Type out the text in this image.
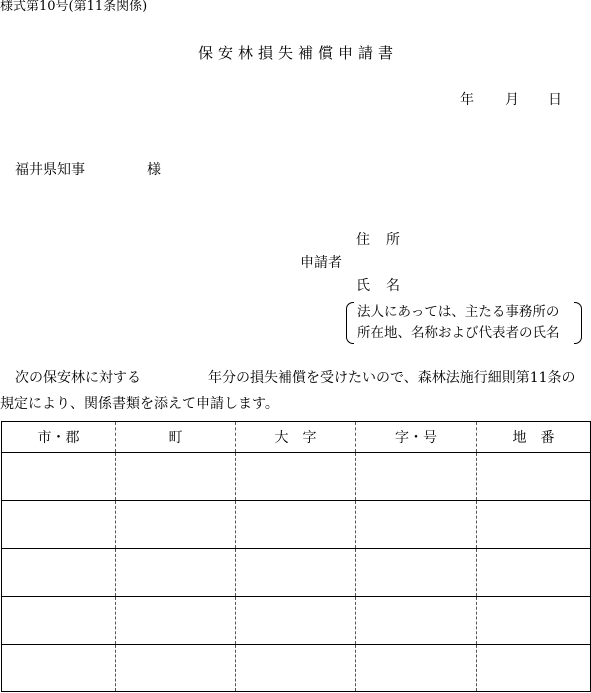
様式第10号(第11条関係)
保安林損失補償申請書
年 月 日
福井県知事	様
住　所
申請者
氏　名
法人にあっては、主たる事務所の
所在地、名称および代表者の氏名
次の保安林に対する	年分の損失補償を受けたいので、森林法施行細則第11条の
規定により、関係書類を添えて申請します。
市・郡	町	大　字	字・号	地　番
